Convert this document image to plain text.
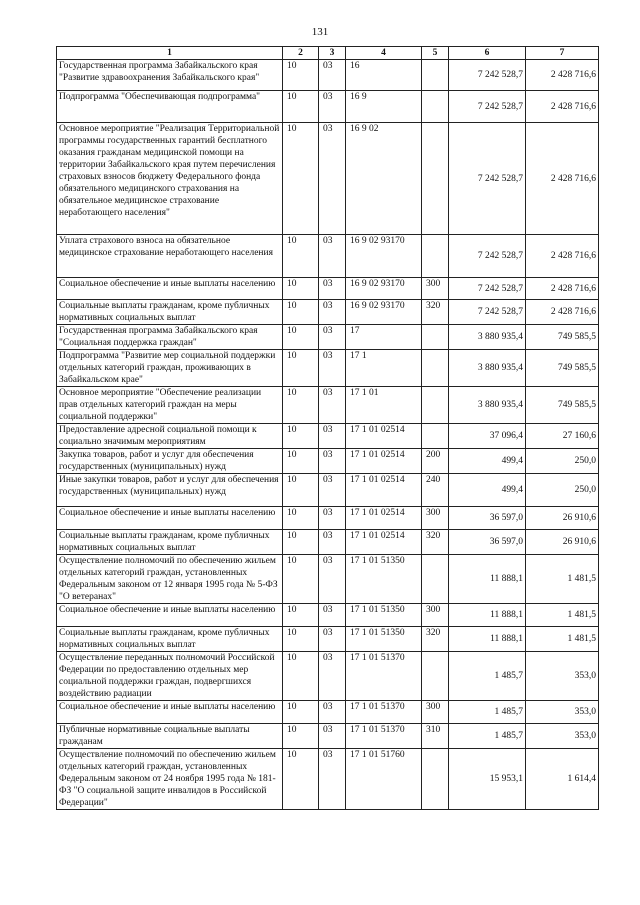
131
1	2	3	4	5	6	7
Государственная программа Забайкальского края "Развитие здравоохранения Забайкальского края"	10	03	16		7 242 528,7	2 428 716,6
Подпрограмма "Обеспечивающая подпрограмма"	10	03	16 9		7 242 528,7	2 428 716,6
Основное мероприятие "Реализация Территориальной программы государственных гарантий бесплатного оказания гражданам медицинской помощи на территории Забайкальского края путем перечисления страховых взносов бюджету Федерального фонда обязательного медицинского страхования на обязательное медицинское страхование неработающего населения"	10	03	16 9 02		7 242 528,7	2 428 716,6
Уплата страхового взноса на обязательное медицинское страхование неработающего населения	10	03	16 9 02 93170		7 242 528,7	2 428 716,6
Социальное обеспечение и иные выплаты населению	10	03	16 9 02 93170	300	7 242 528,7	2 428 716,6
Социальные выплаты гражданам, кроме публичных нормативных социальных выплат	10	03	16 9 02 93170	320	7 242 528,7	2 428 716,6
Государственная программа Забайкальского края "Социальная поддержка граждан"	10	03	17		3 880 935,4	749 585,5
Подпрограмма "Развитие мер социальной поддержки отдельных категорий граждан, проживающих в Забайкальском крае"	10	03	17 1		3 880 935,4	749 585,5
Основное мероприятие "Обеспечение реализации прав отдельных категорий граждан на меры социальной поддержки"	10	03	17 1 01		3 880 935,4	749 585,5
Предоставление адресной социальной помощи к социально значимым мероприятиям	10	03	17 1 01 02514		37 096,4	27 160,6
Закупка товаров, работ и услуг для обеспечения государственных (муниципальных) нужд	10	03	17 1 01 02514	200	499,4	250,0
Иные закупки товаров, работ и услуг для обеспечения государственных (муниципальных) нужд	10	03	17 1 01 02514	240	499,4	250,0
Социальное обеспечение и иные выплаты населению	10	03	17 1 01 02514	300	36 597,0	26 910,6
Социальные выплаты гражданам, кроме публичных нормативных социальных выплат	10	03	17 1 01 02514	320	36 597,0	26 910,6
Осуществление полномочий по обеспечению жильем отдельных категорий граждан, установленных Федеральным законом от 12 января 1995 года № 5-ФЗ "О ветеранах"	10	03	17 1 01 51350		11 888,1	1 481,5
Социальное обеспечение и иные выплаты населению	10	03	17 1 01 51350	300	11 888,1	1 481,5
Социальные выплаты гражданам, кроме публичных нормативных социальных выплат	10	03	17 1 01 51350	320	11 888,1	1 481,5
Осуществление переданных полномочий Российской Федерации по предоставлению отдельных мер социальной поддержки граждан, подвергшихся воздействию радиации	10	03	17 1 01 51370		1 485,7	353,0
Социальное обеспечение и иные выплаты населению	10	03	17 1 01 51370	300	1 485,7	353,0
Публичные нормативные социальные выплаты гражданам	10	03	17 1 01 51370	310	1 485,7	353,0
Осуществление полномочий по обеспечению жильем отдельных категорий граждан, установленных Федеральным законом от 24 ноября 1995 года № 181-ФЗ "О социальной защите инвалидов в Российской Федерации"	10	03	17 1 01 51760		15 953,1	1 614,4
